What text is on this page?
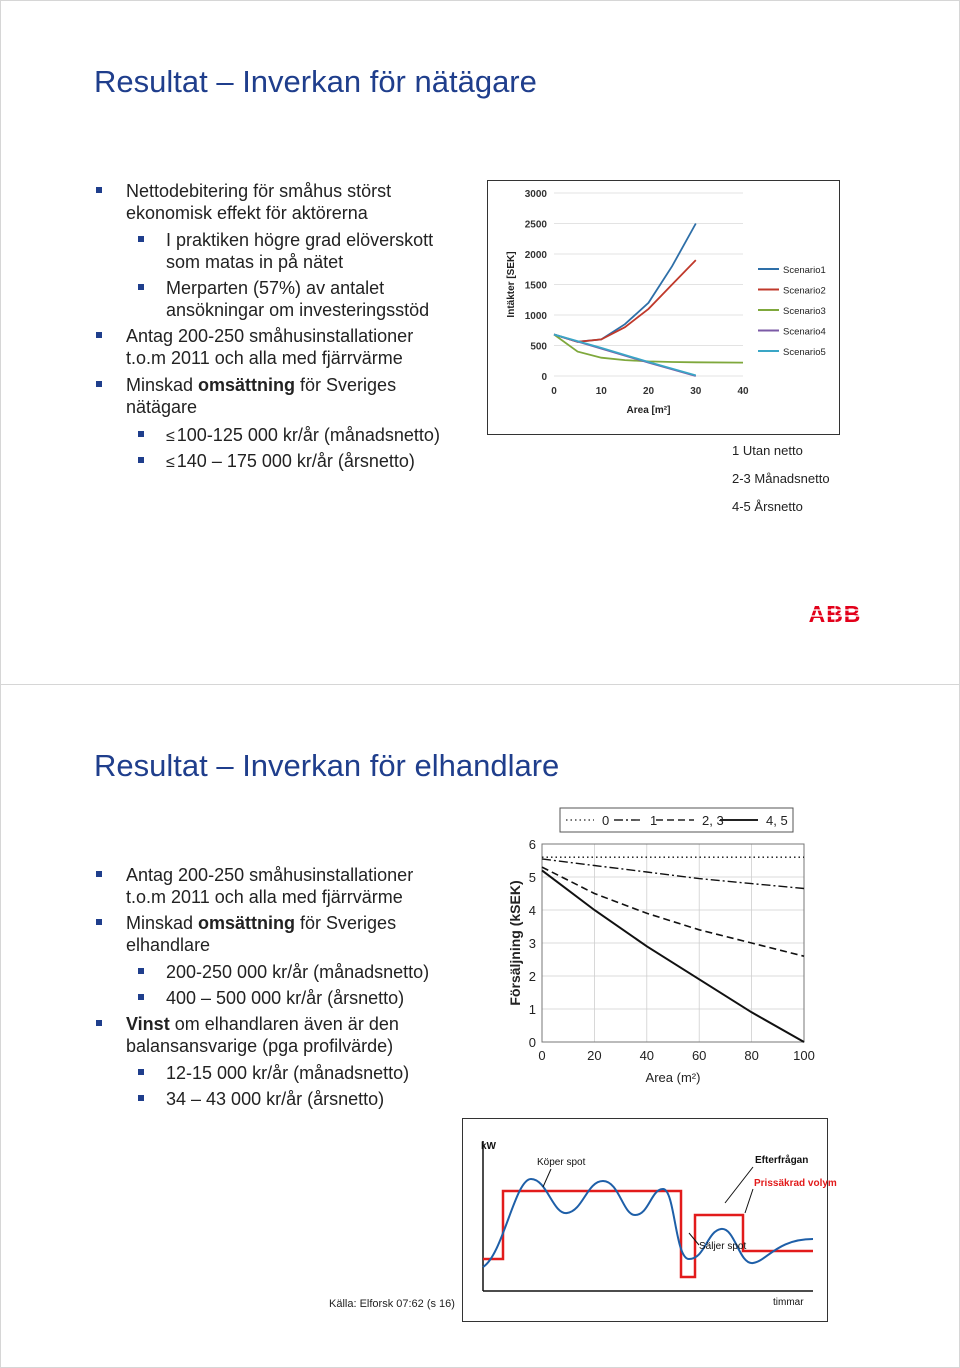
Resultat – Inverkan för nätägare
Nettodebitering för småhus störst
ekonomisk effekt för aktörerna
I praktiken högre grad elöverskott
som matas in på nätet
Merparten (57%) av antalet
ansökningar om investeringsstöd
Antag 200-250 småhusinstallationer
t.o.m 2011 och alla med fjärrvärme
Minskad omsättning för Sveriges
nätägare
≤ 100-125 000 kr/år (månadsnetto)
≤ 140 – 175 000 kr/år (årsnetto)
0
500
1000
1500
2000
2500
3000
0	10	20	30	40
Area [m²]
Intäkter [SEK]	Scenario1
Scenario2
Scenario3
Scenario4
Scenario5
1 Utan netto
2-3 Månadsnetto
4-5 Årsnetto
ABB
Resultat – Inverkan för elhandlare
Antag 200-250 småhusinstallationer
t.o.m 2011 och alla med fjärrvärme
Minskad omsättning för Sveriges
elhandlare
200-250 000 kr/år (månadsnetto)
400 – 500 000 kr/år (årsnetto)
Vinst om elhandlaren även är den
balansansvarige (pga profilvärde)
12-15 000 kr/år (månadsnetto)
34 – 43 000 kr/år (årsnetto)
0	1	2, 3	4, 5
0
1
2
3
4
5
6
0	20	40	60	80	100
Area (m²)
Försäljning (kSEK)
kW
timmar
Köper spot	Efterfrågan
Prissäkrad volym
Säljer spot
Källa: Elforsk 07:62 (s 16)
